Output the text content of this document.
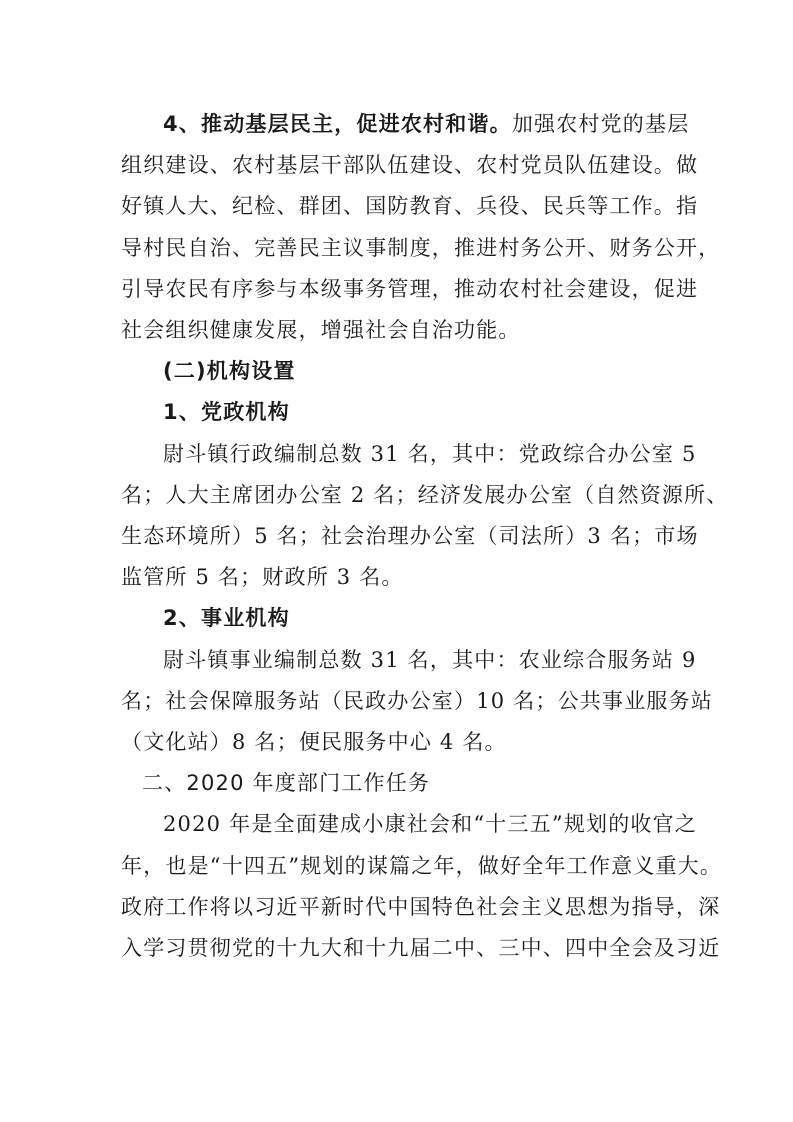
4、推动基层民主，促进农村和谐。加强农村党的基层
组织建设、农村基层干部队伍建设、农村党员队伍建设。做
好镇人大、纪检、群团、国防教育、兵役、民兵等工作。指
导村民自治、完善民主议事制度，推进村务公开、财务公开，
引导农民有序参与本级事务管理，推动农村社会建设，促进
社会组织健康发展，增强社会自治功能。
(二)机构设置
1、党政机构
尉斗镇行政编制总数 31 名，其中：党政综合办公室 5
名；人大主席团办公室 2 名；经济发展办公室（自然资源所、
生态环境所）5 名；社会治理办公室（司法所）3 名；市场
监管所 5 名；财政所 3 名。
2、事业机构
尉斗镇事业编制总数 31 名，其中：农业综合服务站 9
名；社会保障服务站（民政办公室）10 名；公共事业服务站
（文化站）8 名；便民服务中心 4 名。
二、2020 年度部门工作任务
2020 年是全面建成小康社会和“十三五”规划的收官之
年，也是“十四五”规划的谋篇之年，做好全年工作意义重大。
政府工作将以习近平新时代中国特色社会主义思想为指导，深
入学习贯彻党的十九大和十九届二中、三中、四中全会及习近
